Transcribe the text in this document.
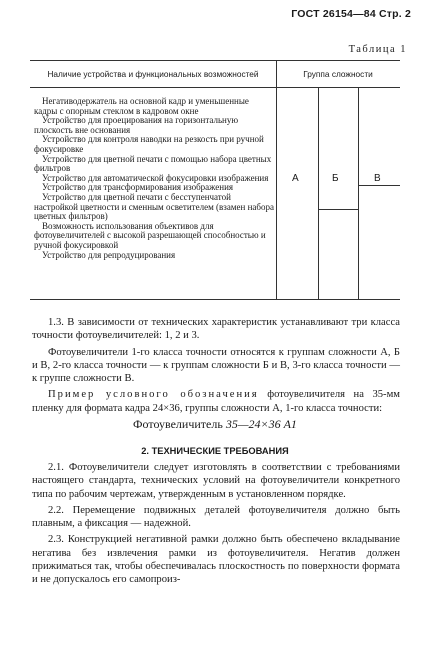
ГОСТ 26154—84 Стр. 2
Таблица 1
Наличие устройства и функциональных возможностей	Группа сложности

Негативодержатель на основной кадр и уменьшенные кадры с опорным стеклом в кадровом окне

Устройство для проецирования на горизонтальную плоскость вне основания

Устройство для контроля наводки на резкость при ручной фокусировке

Устройство для цветной печати с помощью набора цветных фильтров

Устройство для автоматической фокусировки изображения

Устройство для трансформирования изображения

Устройство для цветной печати с бесступенчатой настройкой цветности и сменным осветителем (взамен набора цветных фильтров)

Возможность использования объективов для фотоувеличителей с высокой разрешающей способностью и ручной фокусировкой

Устройство для репродуцирования

А	Б	В

1.3. В зависимости от технических характеристик устанавливают три класса точности фотоувеличителей: 1, 2 и 3.

Фотоувеличители 1-го класса точности относятся к группам сложности А, Б и В, 2-го класса точности — к группам сложности Б и В, 3-го класса точности — к группе сложности В.

Пример условного обозначения фотоувеличителя на 35-мм пленку для формата кадра 24×36, группы сложности А, 1-го класса точности:

Фотоувеличитель 35—24×36 А1
2. ТЕХНИЧЕСКИЕ ТРЕБОВАНИЯ

2.1. Фотоувеличители следует изготовлять в соответствии с требованиями настоящего стандарта, технических условий на фотоувеличители конкретного типа по рабочим чертежам, утвержденным в установленном порядке.

2.2. Перемещение подвижных деталей фотоувеличителя должно быть плавным, а фиксация — надежной.

2.3. Конструкцией негативной рамки должно быть обеспечено вкладывание негатива без извлечения рамки из фотоувеличителя. Негатив должен прижиматься так, чтобы обеспечивалась плоскостность по поверхности формата и не допускалось его самопроиз-
